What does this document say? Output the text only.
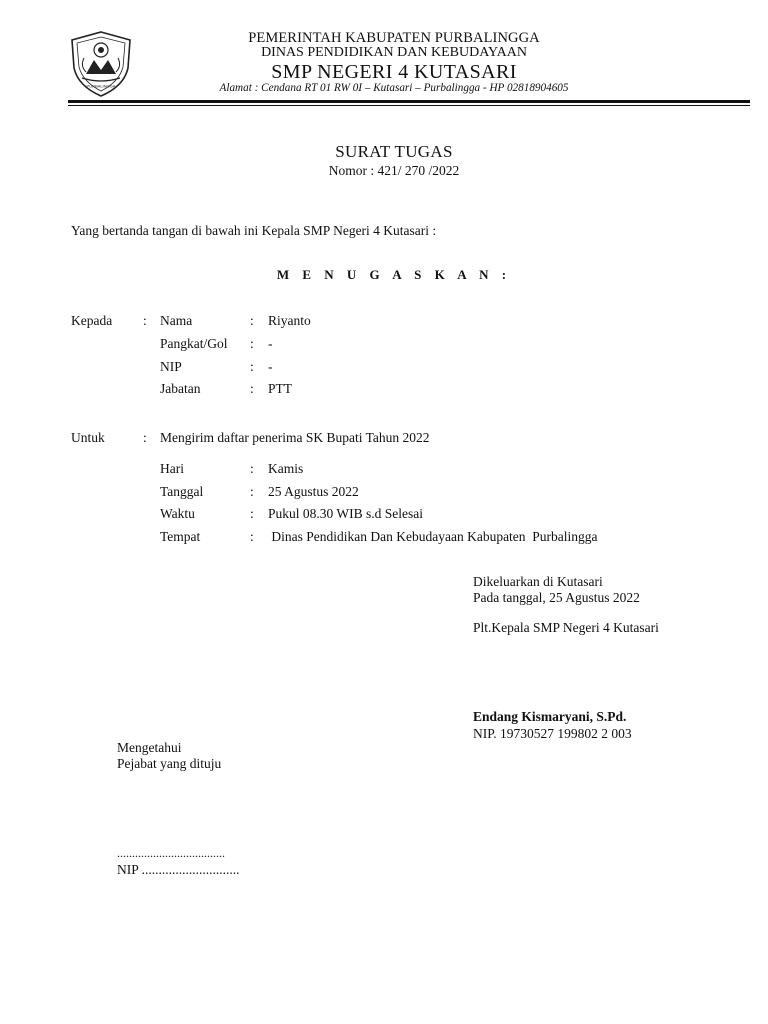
PURBALINGGA
PEMERINTAH KABUPATEN PURBALINGGA
DINAS PENDIDIKAN DAN KEBUDAYAAN
SMP NEGERI 4 KUTASARI
Alamat : Cendana RT 01 RW 0I – Kutasari – Purbalingga - HP 02818904605
SURAT TUGAS
Nomor : 421/ 270 /2022
Yang bertanda tangan di bawah ini Kepala SMP Negeri 4 Kutasari :
M E N U G A S K A N :
Kepada : Nama	: Riyanto
Pangkat/Gol : -
NIP	: -
Jabatan	: PTT
Untuk	: Mengirim daftar penerima SK Bupati Tahun 2022
Hari	: Kamis
Tanggal	: 25 Agustus 2022
Waktu	: Pukul 08.30 WIB s.d Selesai
Tempat	: Dinas Pendidikan Dan Kebudayaan Kabupaten  Purbalingga
Dikeluarkan di Kutasari
Pada tanggal, 25 Agustus 2022
Plt.Kepala SMP Negeri 4 Kutasari
Endang Kismaryani, S.Pd.
NIP. 19730527 199802 2 003
Mengetahui
Pejabat yang dituju
....................................
NIP .............................
